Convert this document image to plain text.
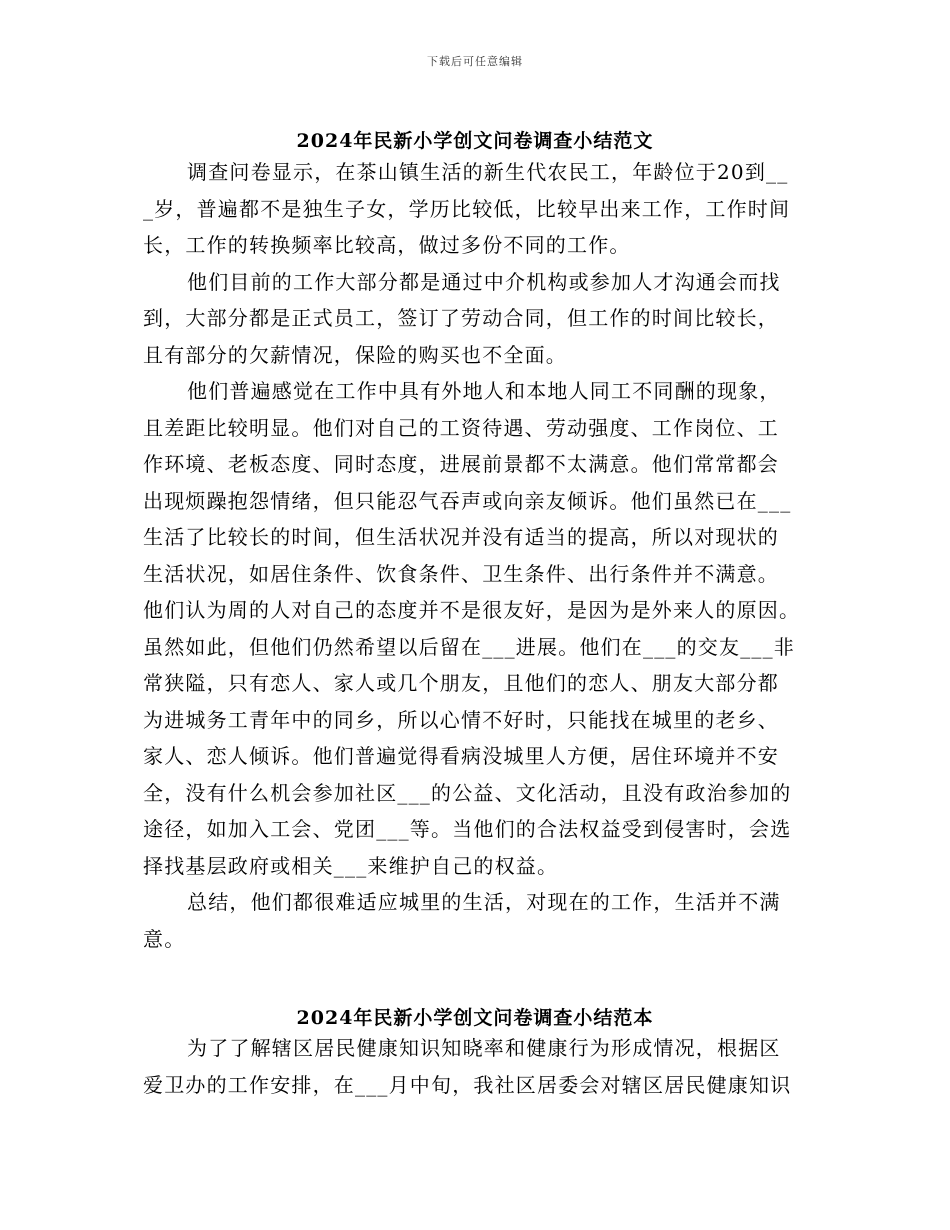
下载后可任意编辑
2024年民新小学创文问卷调查小结范文
调查问卷显示，在茶山镇生活的新生代农民工，年龄位于20到__
_岁，普遍都不是独生子女，学历比较低，比较早出来工作，工作时间
长，工作的转换频率比较高，做过多份不同的工作。
他们目前的工作大部分都是通过中介机构或参加人才沟通会而找
到，大部分都是正式员工，签订了劳动合同，但工作的时间比较长，
且有部分的欠薪情况，保险的购买也不全面。
他们普遍感觉在工作中具有外地人和本地人同工不同酬的现象，
且差距比较明显。他们对自己的工资待遇、劳动强度、工作岗位、工
作环境、老板态度、同时态度，进展前景都不太满意。他们常常都会
出现烦躁抱怨情绪，但只能忍气吞声或向亲友倾诉。他们虽然已在___
生活了比较长的时间，但生活状况并没有适当的提高，所以对现状的
生活状况，如居住条件、饮食条件、卫生条件、出行条件并不满意。
他们认为周的人对自己的态度并不是很友好，是因为是外来人的原因。
虽然如此，但他们仍然希望以后留在___进展。他们在___的交友___非
常狭隘，只有恋人、家人或几个朋友，且他们的恋人、朋友大部分都
为进城务工青年中的同乡，所以心情不好时，只能找在城里的老乡、
家人、恋人倾诉。他们普遍觉得看病没城里人方便，居住环境并不安
全，没有什么机会参加社区___的公益、文化活动，且没有政治参加的
途径，如加入工会、党团___等。当他们的合法权益受到侵害时，会选
择找基层政府或相关___来维护自己的权益。
总结，他们都很难适应城里的生活，对现在的工作，生活并不满
意。
2024年民新小学创文问卷调查小结范本
为了了解辖区居民健康知识知晓率和健康行为形成情况，根据区
爱卫办的工作安排，在___月中旬，我社区居委会对辖区居民健康知识
